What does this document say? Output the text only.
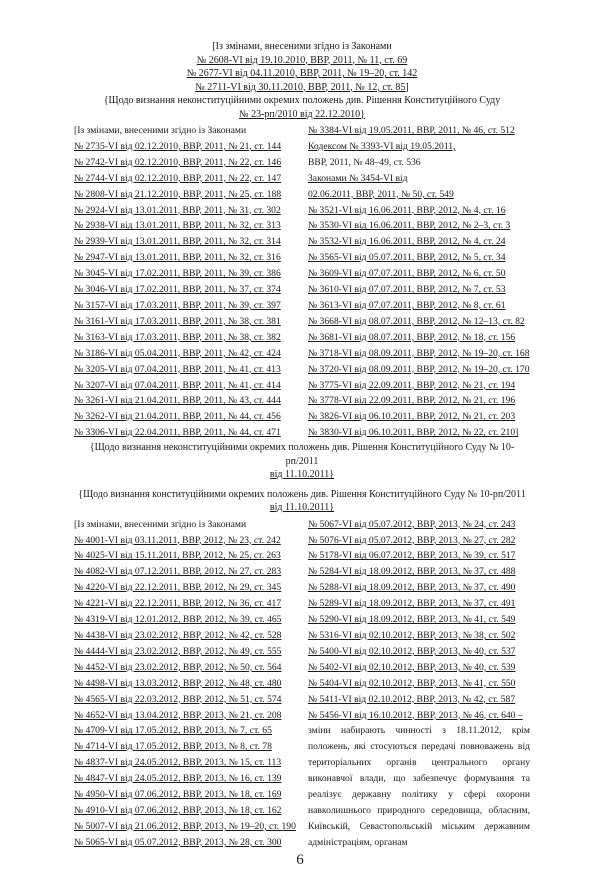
[Із змінами, внесеними згідно із Законами
№ 2608-VI від 19.10.2010, ВВР, 2011, № 11, ст. 69
№ 2677-VI від 04.11.2010, ВВР, 2011, № 19–20, ст. 142
№ 2711-VI від 30.11.2010, ВВР, 2011, № 12, ст. 85]
{Щодо визнання неконституційними окремих положень див. Рішення Конституційного Суду
№ 23-рп/2010 від 22.12.2010}
[Із змінами, внесеними згідно із Законами
№ 2735-VI від 02.12.2010, ВВР, 2011, № 21, ст. 144
№ 2742-VI від 02.12.2010, ВВР, 2011, № 22, ст. 146
№ 2744-VI від 02.12.2010, ВВР, 2011, № 22, ст. 147
№ 2808-VI від 21.12.2010, ВВР, 2011, № 25, ст. 188
№ 2924-VI від 13.01.2011, ВВР, 2011, № 31, ст. 302
№ 2938-VI від 13.01.2011, ВВР, 2011, № 32, ст. 313
№ 2939-VI від 13.01.2011, ВВР, 2011, № 32, ст. 314
№ 2947-VI від 13.01.2011, ВВР, 2011, № 32, ст. 316
№ 3045-VI від 17.02.2011, ВВР, 2011, № 39, ст. 386
№ 3046-VI від 17.02.2011, ВВР, 2011, № 37, ст. 374
№ 3157-VI від 17.03.2011, ВВР, 2011, № 39, ст. 397
№ 3161-VI від 17.03.2011, ВВР, 2011, № 38, ст. 381
№ 3163-VI від 17.03.2011, ВВР, 2011, № 38, ст. 382
№ 3186-VI від 05.04.2011, ВВР, 2011, № 42, ст. 424
№ 3205-VI від 07.04.2011, ВВР, 2011, № 41, ст. 413
№ 3207-VI від 07.04.2011, ВВР, 2011, № 41, ст. 414
№ 3261-VI від 21.04.2011, ВВР, 2011, № 43, ст. 444
№ 3262-VI від 21.04.2011, ВВР, 2011, № 44, ст. 456
№ 3306-VI від 22.04.2011, ВВР, 2011, № 44, ст. 471
№ 3384-VI від 19.05.2011, ВВР, 2011, № 46, ст. 512
Кодексом № 3393-VI від 19.05.2011,
ВВР, 2011, № 48–49, ст. 536
Законами № 3454-VI від
02.06.2011, ВВР, 2011, № 50, ст. 549
№ 3521-VI від 16.06.2011, ВВР, 2012, № 4, ст. 16
№ 3530-VI від 16.06.2011, ВВР, 2012, № 2–3, ст. 3
№ 3532-VI від 16.06.2011, ВВР, 2012, № 4, ст. 24
№ 3565-VI від 05.07.2011, ВВР, 2012, № 5, ст. 34
№ 3609-VI від 07.07.2011, ВВР, 2012, № 6, ст. 50
№ 3610-VI від 07.07.2011, ВВР, 2012, № 7, ст. 53
№ 3613-VI від 07.07.2011, ВВР, 2012, № 8, ст. 61
№ 3668-VI від 08.07.2011, ВВР, 2012, № 12–13, ст. 82
№ 3681-VI від 08.07.2011, ВВР, 2012, № 18, ст. 156
№ 3718-VI від 08.09.2011, ВВР, 2012, № 19–20, ст. 168
№ 3720-VI від 08.09.2011, ВВР, 2012, № 19–20, ст. 170
№ 3775-VI від 22.09.2011, ВВР, 2012, № 21, ст. 194
№ 3778-VI від 22.09.2011, ВВР, 2012, № 21, ст. 196
№ 3826-VI від 06.10.2011, ВВР, 2012, № 21, ст. 203
№ 3830-VI від 06.10.2011, ВВР, 2012, № 22, ст. 210]
{Щодо визнання неконституційними окремих положень див. Рішення Конституційного Суду № 10-рп/2011
від 11.10.2011}
{Щодо визнання конституційними окремих положень див. Рішення Конституційного Суду № 10-рп/2011
від 11.10.2011}
[Із змінами, внесеними згідно із Законами
№ 4001-VI від 03.11.2011, ВВР, 2012, № 23, ст. 242
№ 4025-VI від 15.11.2011, ВВР, 2012, № 25, ст. 263
№ 4082-VI від 07.12.2011, ВВР, 2012, № 27, ст. 283
№ 4220-VI від 22.12.2011, ВВР, 2012, № 29, ст. 345
№ 4221-VI від 22.12.2011, ВВР, 2012, № 36, ст. 417
№ 4319-VI від 12.01.2012, ВВР, 2012, № 39, ст. 465
№ 4438-VI від 23.02.2012, ВВР, 2012, № 42, ст. 528
№ 4444-VI від 23.02.2012, ВВР, 2012, № 49, ст. 555
№ 4452-VI від 23.02.2012, ВВР, 2012, № 50, ст. 564
№ 4498-VI від 13.03.2012, ВВР, 2012, № 48, ст. 480
№ 4565-VI від 22.03.2012, ВВР, 2012, № 51, ст. 574
№ 4652-VI від 13.04.2012, ВВР, 2013, № 21, ст. 208
№ 4709-VI від 17.05.2012, ВВР, 2013, № 7, ст. 65
№ 4714-VI від 17.05.2012, ВВР, 2013, № 8, ст. 78
№ 4837-VI від 24.05.2012, ВВР, 2013, № 15, ст. 113
№ 4847-VI від 24.05.2012, ВВР, 2013, № 16, ст. 139
№ 4950-VI від 07.06.2012, ВВР, 2013, № 18, ст. 169
№ 4910-VI від 07.06.2012, ВВР, 2013, № 18, ст. 162
№ 5007-VI від 21.06.2012, ВВР, 2013, № 19–20, ст. 190
№ 5065-VI від 05.07.2012, ВВР, 2013, № 28, ст. 300
№ 5067-VI від 05.07.2012, ВВР, 2013, № 24, ст. 243
№ 5076-VI від 05.07.2012, ВВР, 2013, № 27, ст. 282
№ 5178-VI від 06.07.2012, ВВР, 2013, № 39, ст. 517
№ 5284-VI від 18.09.2012, ВВР, 2013, № 37, ст. 488
№ 5288-VI від 18.09.2012, ВВР, 2013, № 37, ст. 490
№ 5289-VI від 18.09.2012, ВВР, 2013, № 37, ст. 491
№ 5290-VI від 18.09.2012, ВВР, 2013, № 41, ст. 549
№ 5316-VI від 02.10.2012, ВВР, 2013, № 38, ст. 502
№ 5400-VI від 02.10.2012, ВВР, 2013, № 40, ст. 537
№ 5402-VI від 02.10.2012, ВВР, 2013, № 40, ст. 539
№ 5404-VI від 02.10.2012, ВВР, 2013, № 41, ст. 550
№ 5411-VI від 02.10.2012, ВВР, 2013, № 42, ст. 587
№ 5456-VI від 16.10.2012, ВВР, 2013, № 46, ст. 640 –
зміни набирають чинності з 18.11.2012, крім положень, які стосуються передачі повноважень від територіальних органів центрального органу виконавчої влади, що забезпечує формування та реалізує державну політику у сфері охорони навколишнього природного середовища, обласним, Київській, Севастопольській міським державним адміністраціям, органам
6
